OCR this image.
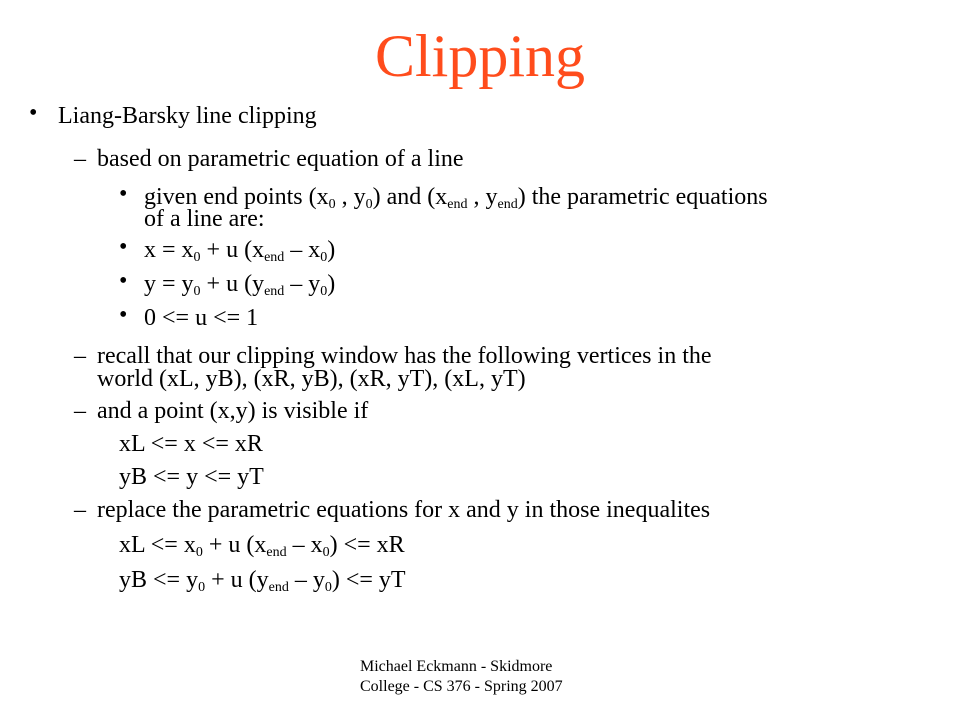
Clipping
• Liang-Barsky line clipping
– based on parametric equation of a line
• given end points ($x_0$ , $y_0$) and ($x_{end}$ , $y_{end}$) the parametric equations
of a line are:
• $x = x_0 + u$ $(x_{end} - x_0)$
• $y = y_0 + u$ $(y_{end} - y_0)$
• 0 <= u <= 1
– recall that our clipping window has the following vertices in the
world (xL, yB), (xR, yB), (xR, yT), (xL, yT)
– and a point (x,y) is visible if
xL <= x <= xR
yB <= y <= yT
– replace the parametric equations for x and y in those inequalites
xL <= $x_0 + u$ $(x_{end} - x_0)$ <= xR
yB <= $y_0 + u$ $(y_{end} - y_0)$ <= yT
Michael Eckmann - Skidmore
College - CS 376 - Spring 2007
